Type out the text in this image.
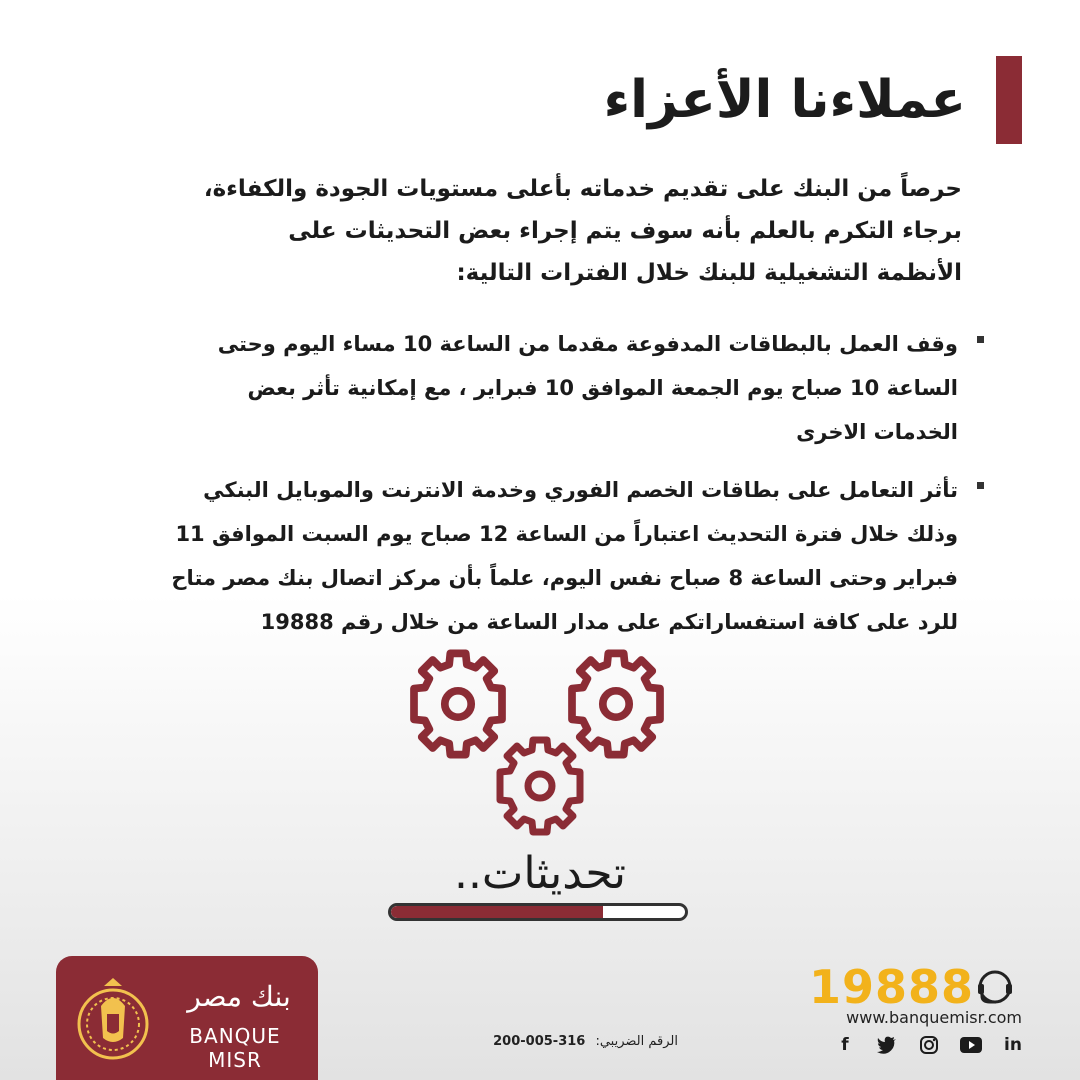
عملاءنا الأعزاء
حرصاً من البنك على تقديم خدماته بأعلى مستويات الجودة والكفاءة،
برجاء التكرم بالعلم بأنه سوف يتم إجراء بعض التحديثات على
الأنظمة التشغيلية للبنك خلال الفترات التالية:
وقف العمل بالبطاقات المدفوعة مقدما من الساعة 10 مساء اليوم وحتى
الساعة 10 صباح يوم الجمعة الموافق 10 فبراير ، مع إمكانية تأثر بعض
الخدمات الاخرى
تأثر التعامل على بطاقات الخصم الفوري وخدمة الانترنت والموبايل البنكي
وذلك خلال فترة التحديث اعتباراً من الساعة 12 صباح يوم السبت الموافق 11
فبراير وحتى الساعة 8 صباح نفس اليوم، علماً بأن مركز اتصال بنك مصر متاح
للرد على كافة استفساراتكم على مدار الساعة من خلال رقم 19888
تحديثات..
بنك مصر
BANQUE MISR
الرقم الضريبي: 200-005-316
19888
www.banquemisr.com
f	in
